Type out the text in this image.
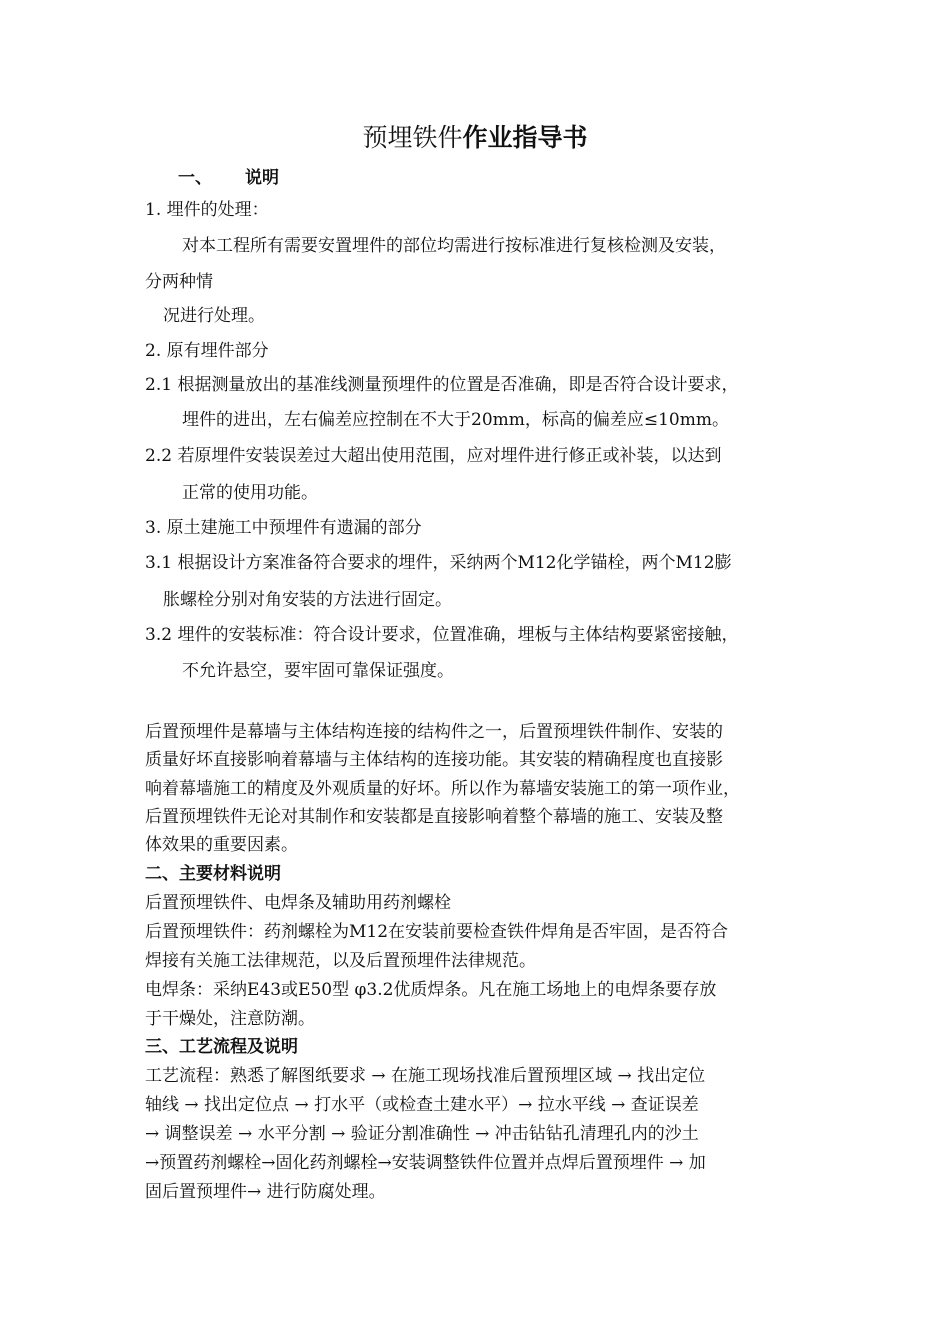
预埋铁件作业指导书
一、 说明
1. 埋件的处理：
对本工程所有需要安置埋件的部位均需进行按标准进行复核检测及安装，
分两种情
况进行处理。
2. 原有埋件部分
2.1 根据测量放出的基准线测量预埋件的位置是否准确，即是否符合设计要求，
埋件的进出，左右偏差应控制在不大于20mm，标高的偏差应≤10mm。
2.2 若原埋件安装误差过大超出使用范围，应对埋件进行修正或补装，以达到
正常的使用功能。
3. 原土建施工中预埋件有遗漏的部分
3.1 根据设计方案准备符合要求的埋件，采纳两个M12化学锚栓，两个M12膨
胀螺栓分别对角安装的方法进行固定。
3.2 埋件的安装标准：符合设计要求，位置准确，埋板与主体结构要紧密接触，
不允许悬空，要牢固可靠保证强度。
后置预埋件是幕墙与主体结构连接的结构件之一，后置预埋铁件制作、安装的
质量好坏直接影响着幕墙与主体结构的连接功能。其安装的精确程度也直接影
响着幕墙施工的精度及外观质量的好坏。所以作为幕墙安装施工的第一项作业，
后置预埋铁件无论对其制作和安装都是直接影响着整个幕墙的施工、安装及整
体效果的重要因素。
二、主要材料说明
后置预埋铁件、电焊条及辅助用药剂螺栓
后置预埋铁件：药剂螺栓为M12在安装前要检查铁件焊角是否牢固，是否符合
焊接有关施工法律规范，以及后置预埋件法律规范。
电焊条：采纳E43或E50型 φ3.2优质焊条。凡在施工场地上的电焊条要存放
于干燥处，注意防潮。
三、工艺流程及说明
工艺流程：熟悉了解图纸要求 → 在施工现场找准后置预埋区域 → 找出定位
轴线 → 找出定位点 → 打水平（或检查土建水平）→ 拉水平线 → 查证误差
→ 调整误差 → 水平分割 → 验证分割准确性 → 冲击钻钻孔清理孔内的沙土
→预置药剂螺栓→固化药剂螺栓→安装调整铁件位置并点焊后置预埋件 → 加
固后置预埋件→ 进行防腐处理。
